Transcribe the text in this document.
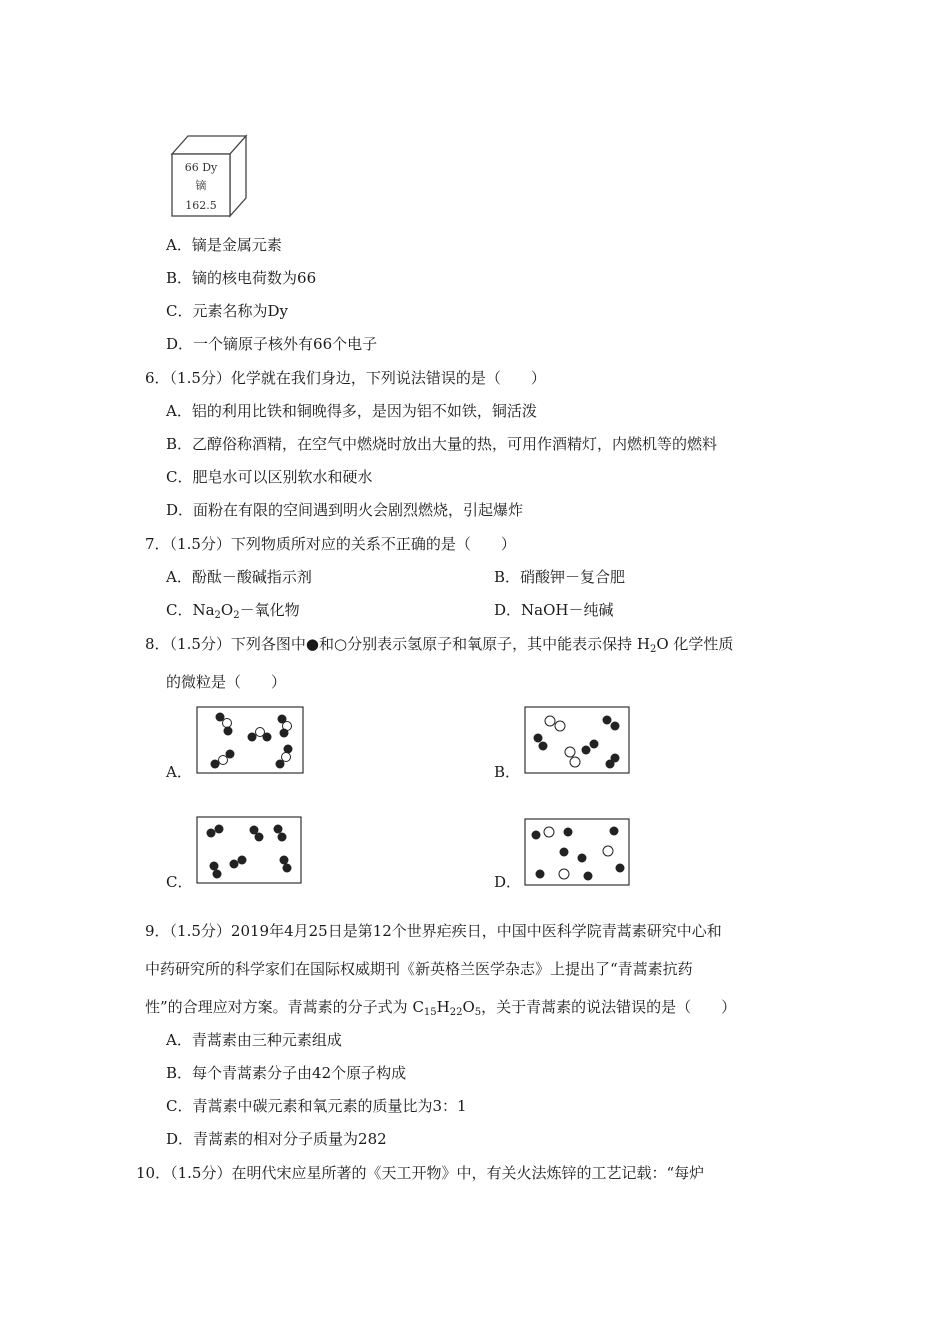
66 Dy
镝
162.5
A．镝是金属元素
B．镝的核电荷数为66
C．元素名称为Dy
D．一个镝原子核外有66个电子
6．（1.5分）化学就在我们身边，下列说法错误的是（　　）
A．铝的利用比铁和铜晚得多，是因为铝不如铁，铜活泼
B．乙醇俗称酒精，在空气中燃烧时放出大量的热，可用作酒精灯，内燃机等的燃料
C．肥皂水可以区别软水和硬水
D．面粉在有限的空间遇到明火会剧烈燃烧，引起爆炸
7．（1.5分）下列物质所对应的关系不正确的是（　　）
A．酚酞－酸碱指示剂	B．硝酸钾－复合肥
C．$Na_2O_2-$氧化物	D．NaOH－纯碱
8．（1.5分）下列各图中●和○分别表示氢原子和氧原子，其中能表示保持 $H_2O$ 化学性质
的微粒是（　　）
A．	B．
C．	D．
9．（1.5分）2019年4月25日是第12个世界疟疾日，中国中医科学院青蒿素研究中心和
中药研究所的科学家们在国际权威期刊《新英格兰医学杂志》上提出了“青蒿素抗药
性”的合理应对方案。青蒿素的分子式为 $C_{15}H_{22}O_5$，关于青蒿素的说法错误的是（　　）
A．青蒿素由三种元素组成
B．每个青蒿素分子由42个原子构成
C．青蒿素中碳元素和氧元素的质量比为3：1
D．青蒿素的相对分子质量为282
10．（1.5分）在明代宋应星所著的《天工开物》中，有关火法炼锌的工艺记载：“每炉
